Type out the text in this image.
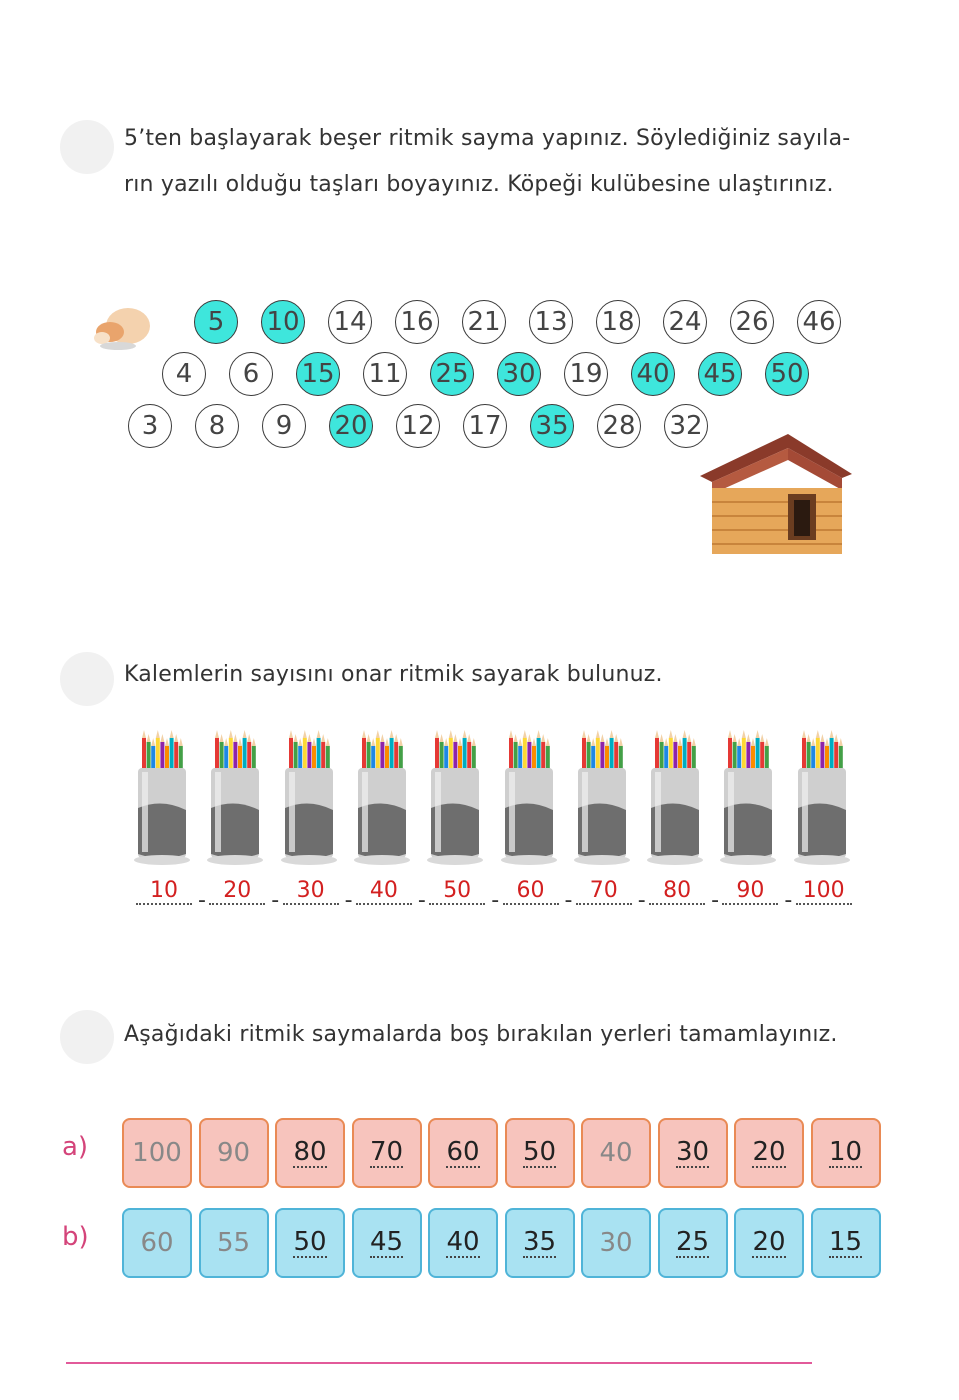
5’ten başlayarak beşer ritmik sayma yapınız. Söylediğiniz sayıla-
rın yazılı olduğu taşları boyayınız. Köpeği kulübesine ulaştırınız.
5	10 14 16 21 13 18 24 26 46
4	6	15 11 25 30 19 40 45 50
3	8	9	20 12 17 35 28 32
Kalemlerin sayısını onar ritmik sayarak bulunuz.
10 - 20 - 30 - 40 - 50 - 60 - 70 - 80 - 90 - 100
Aşağıdaki ritmik saymalarda boş bırakılan yerleri tamamlayınız.
a)
b)
100 90 80 70 60 50 40 30 20 10
60 55 50 45 40 35 30 25 20 15
